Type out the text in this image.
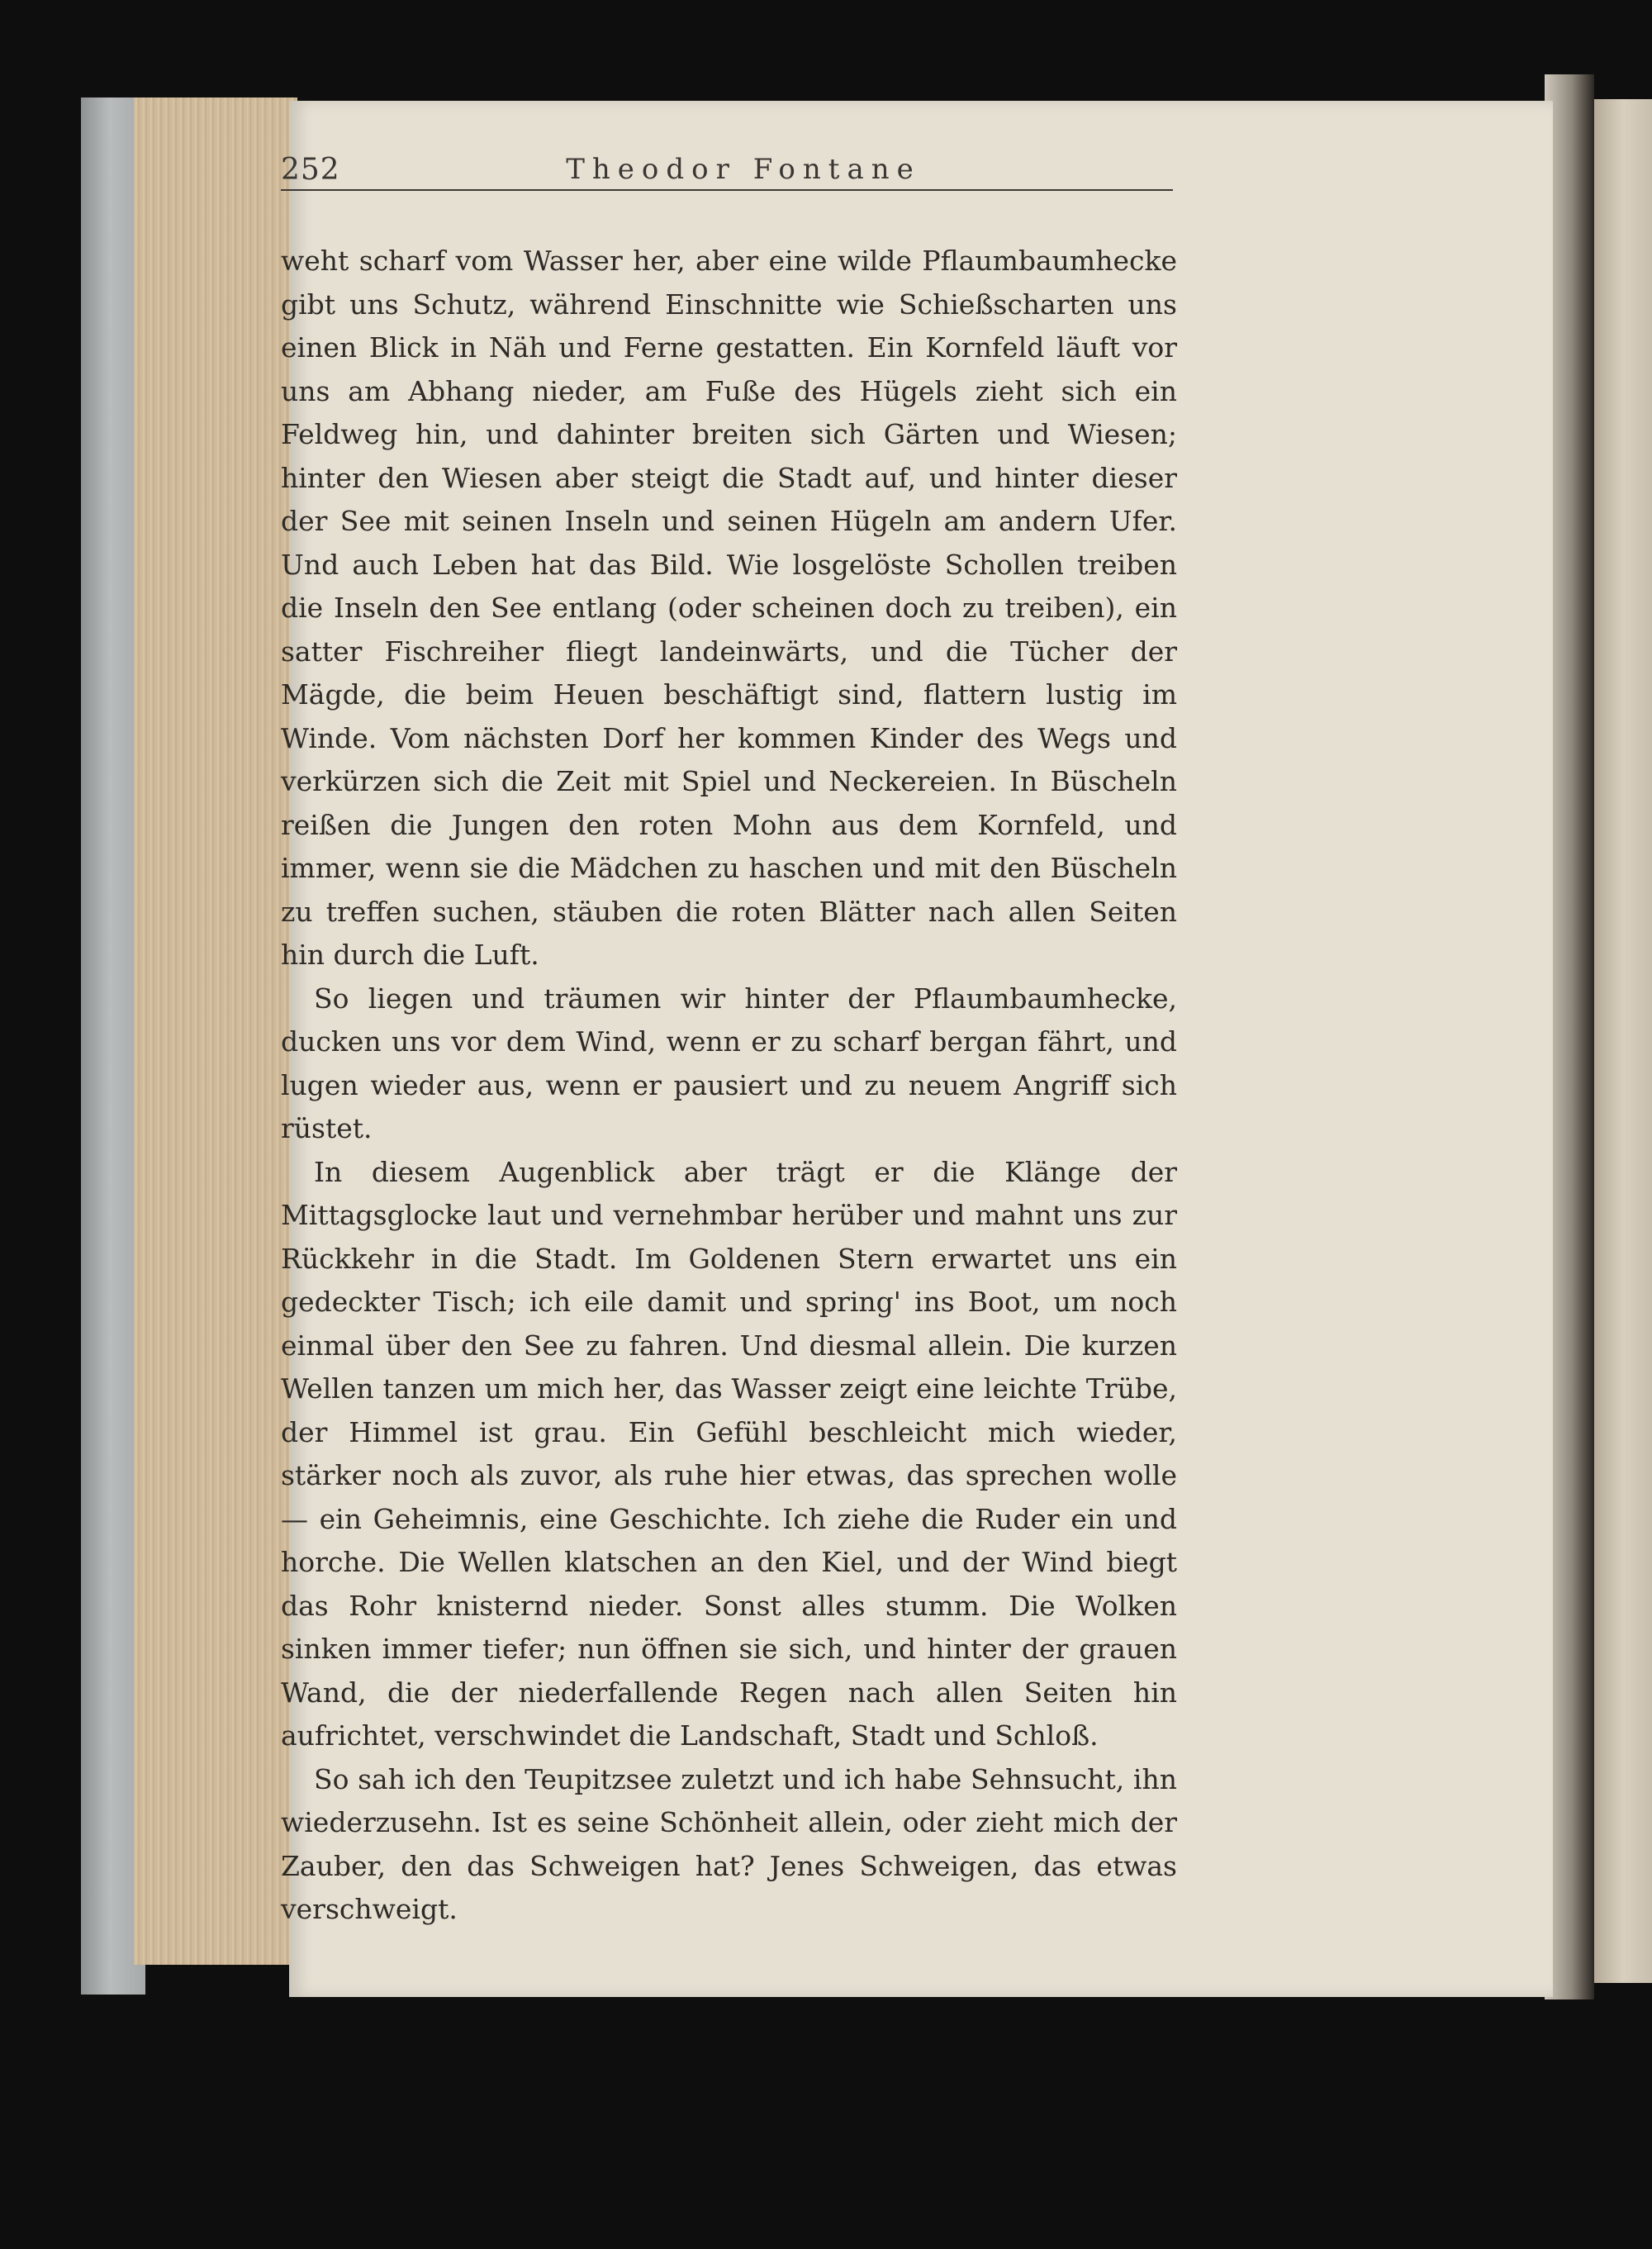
252	Theodor Fontane

weht scharf vom Wasser her, aber eine wilde Pflaumbaumhecke gibt uns Schutz, während Einschnitte wie Schießscharten uns einen Blick in Näh und Ferne gestatten. Ein Kornfeld läuft vor uns am Abhang nieder, am Fuße des Hügels zieht sich ein Feldweg hin, und dahinter breiten sich Gärten und Wiesen; hinter den Wiesen aber steigt die Stadt auf, und hinter dieser der See mit seinen Inseln und seinen Hügeln am andern Ufer. Und auch Leben hat das Bild. Wie losgelöste Schollen treiben die Inseln den See entlang (oder scheinen doch zu treiben), ein satter Fischreiher fliegt landeinwärts, und die Tücher der Mägde, die beim Heuen beschäftigt sind, flattern lustig im Winde. Vom nächsten Dorf her kommen Kinder des Wegs und verkürzen sich die Zeit mit Spiel und Neckereien. In Büscheln reißen die Jungen den roten Mohn aus dem Kornfeld, und immer, wenn sie die Mädchen zu haschen und mit den Büscheln zu treffen suchen, stäuben die roten Blätter nach allen Seiten hin durch die Luft.

So liegen und träumen wir hinter der Pflaumbaumhecke, ducken uns vor dem Wind, wenn er zu scharf bergan fährt, und lugen wieder aus, wenn er pausiert und zu neuem Angriff sich rüstet.

In diesem Augenblick aber trägt er die Klänge der Mittagsglocke laut und vernehmbar herüber und mahnt uns zur Rückkehr in die Stadt. Im Goldenen Stern erwartet uns ein gedeckter Tisch; ich eile damit und spring' ins Boot, um noch einmal über den See zu fahren. Und diesmal allein. Die kurzen Wellen tanzen um mich her, das Wasser zeigt eine leichte Trübe, der Himmel ist grau. Ein Gefühl beschleicht mich wieder, stärker noch als zuvor, als ruhe hier etwas, das sprechen wolle — ein Geheimnis, eine Geschichte. Ich ziehe die Ruder ein und horche. Die Wellen klatschen an den Kiel, und der Wind biegt das Rohr knisternd nieder. Sonst alles stumm. Die Wolken sinken immer tiefer; nun öffnen sie sich, und hinter der grauen Wand, die der niederfallende Regen nach allen Seiten hin aufrichtet, verschwindet die Landschaft, Stadt und Schloß.

So sah ich den Teupitzsee zuletzt und ich habe Sehnsucht, ihn wiederzusehn. Ist es seine Schönheit allein, oder zieht mich der Zauber, den das Schweigen hat? Jenes Schweigen, das etwas verschweigt.
